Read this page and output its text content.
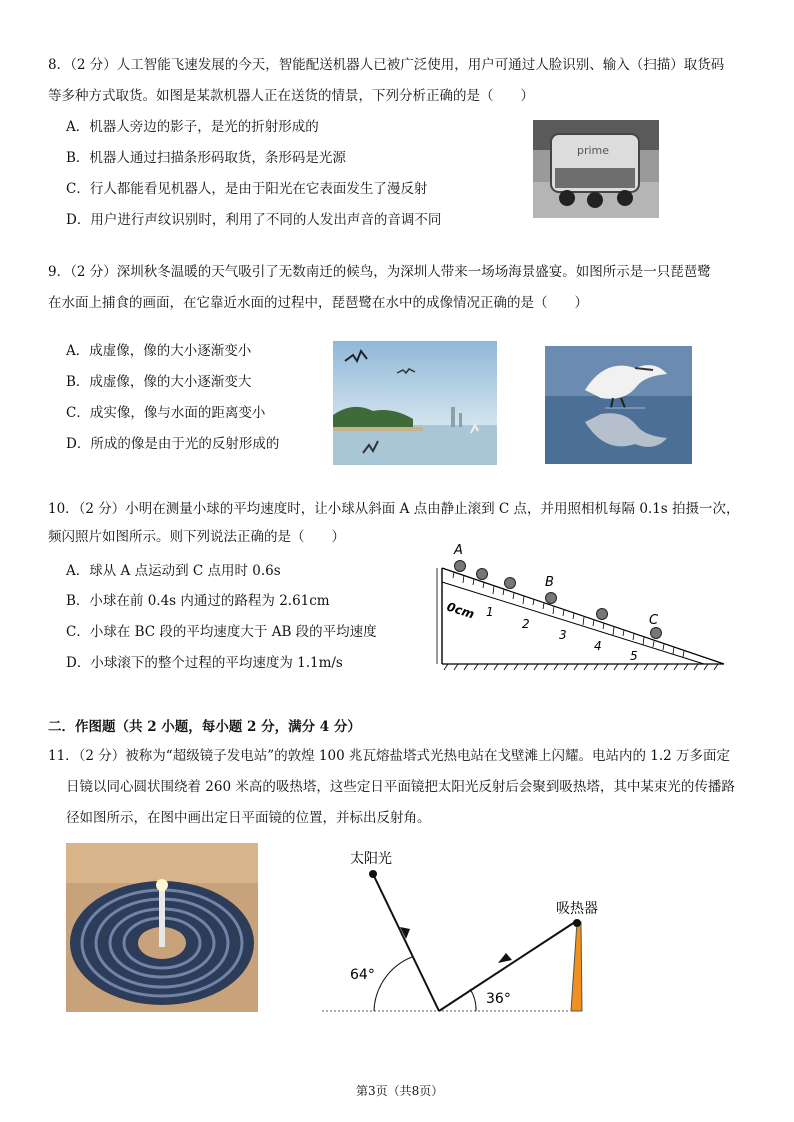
8．（2 分）人工智能飞速发展的今天，智能配送机器人已被广泛使用，用户可通过人脸识别、输入（扫描）取货码
等多种方式取货。如图是某款机器人正在送货的情景，下列分析正确的是（　　）
A．机器人旁边的影子，是光的折射形成的
B．机器人通过扫描条形码取货，条形码是光源
C．行人都能看见机器人，是由于阳光在它表面发生了漫反射
D．用户进行声纹识别时，利用了不同的人发出声音的音调不同
prime
9．（2 分）深圳秋冬温暖的天气吸引了无数南迁的候鸟，为深圳人带来一场场海景盛宴。如图所示是一只琵琶鹭
在水面上捕食的画面，在它靠近水面的过程中，琵琶鹭在水中的成像情况正确的是（　　）
A．成虚像，像的大小逐渐变小
B．成虚像，像的大小逐渐变大
C．成实像，像与水面的距离变小
D．所成的像是由于光的反射形成的
10．（2 分）小明在测量小球的平均速度时，让小球从斜面 A 点由静止滚到 C 点，并用照相机每隔 0.1s 拍摄一次，
频闪照片如图所示。则下列说法正确的是（　　）
A．球从 A 点运动到 C 点用时 0.6s
B．小球在前 0.4s 内通过的路程为 2.61cm
C．小球在 BC 段的平均速度大于 AB 段的平均速度
D．小球滚下的整个过程的平均速度为 1.1m/s
A
B
C
0cm 1
2
3
4
5
二．作图题（共 2 小题，每小题 2 分，满分 4 分）
11．（2 分）被称为“超级镜子发电站”的敦煌 100 兆瓦熔盐塔式光热电站在戈壁滩上闪耀。电站内的 1.2 万多面定
日镜以同心圆状围绕着 260 米高的吸热塔，这些定日平面镜把太阳光反射后会聚到吸热塔，其中某束光的传播路
径如图所示，在图中画出定日平面镜的位置，并标出反射角。
太阳光
吸热器
64°
36°
第3页（共8页）
